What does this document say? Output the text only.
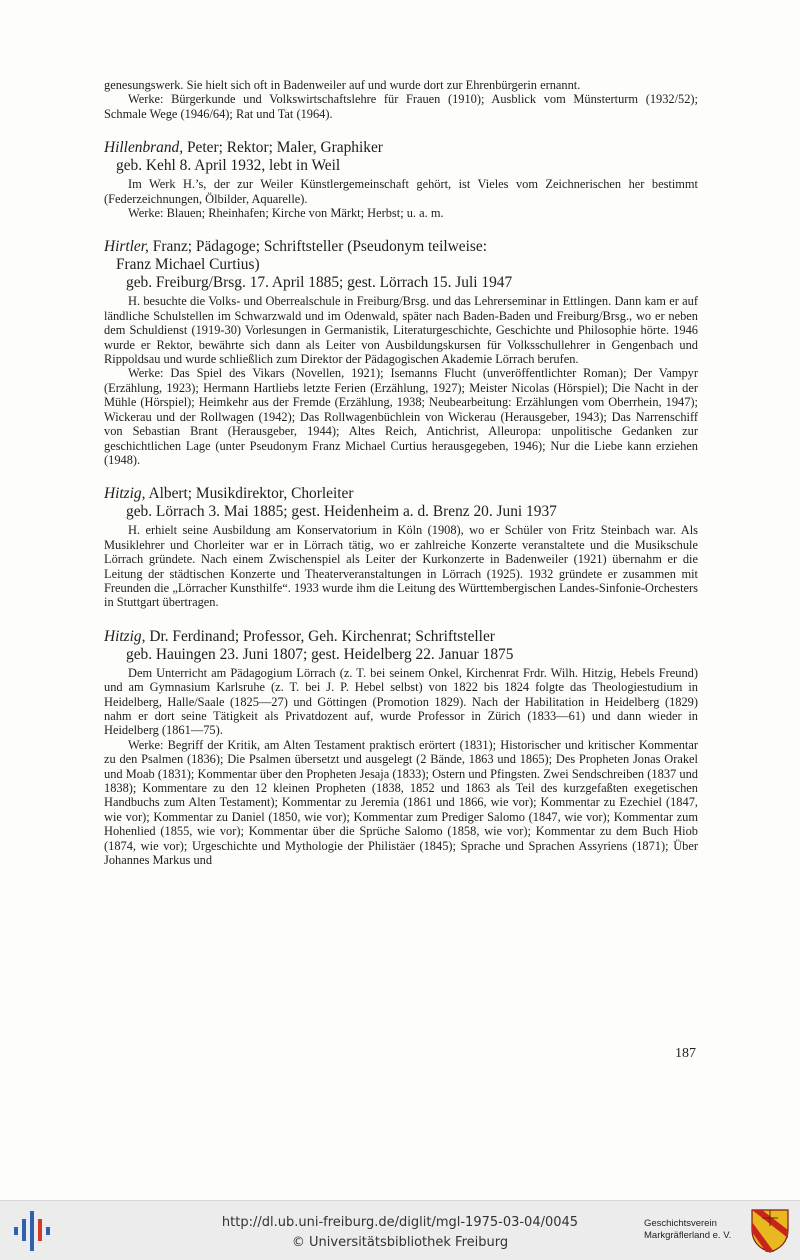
genesungswerk. Sie hielt sich oft in Badenweiler auf und wurde dort zur Ehrenbürgerin ernannt.

Werke: Bürgerkunde und Volkswirtschaftslehre für Frauen (1910); Ausblick vom Münsterturm (1932/52); Schmale Wege (1946/64); Rat und Tat (1964).

Hillenbrand, Peter; Rektor; Maler, Graphiker
geb. Kehl 8. April 1932, lebt in Weil

Im Werk H.’s, der zur Weiler Künstlergemeinschaft gehört, ist Vieles vom Zeichnerischen her bestimmt (Federzeichnungen, Ölbilder, Aquarelle).

Werke: Blauen; Rheinhafen; Kirche von Märkt; Herbst; u. a. m.

Hirtler, Franz; Pädagoge; Schriftsteller (Pseudonym teilweise:
Franz Michael Curtius)
geb. Freiburg/Brsg. 17. April 1885; gest. Lörrach 15. Juli 1947

H. besuchte die Volks- und Oberrealschule in Freiburg/Brsg. und das Lehrerseminar in Ettlingen. Dann kam er auf ländliche Schulstellen im Schwarzwald und im Odenwald, später nach Baden-Baden und Freiburg/Brsg., wo er neben dem Schuldienst (1919-30) Vorlesungen in Germanistik, Literaturgeschichte, Geschichte und Philosophie hörte. 1946 wurde er Rektor, bewährte sich dann als Leiter von Ausbildungskursen für Volksschullehrer in Gengenbach und Rippoldsau und wurde schließlich zum Direktor der Pädagogischen Akademie Lörrach berufen.

Werke: Das Spiel des Vikars (Novellen, 1921); Isemanns Flucht (unveröffentlichter Roman); Der Vampyr (Erzählung, 1923); Hermann Hartliebs letzte Ferien (Erzählung, 1927); Meister Nicolas (Hörspiel); Die Nacht in der Mühle (Hörspiel); Heimkehr aus der Fremde (Erzählung, 1938; Neubearbeitung: Erzählungen vom Oberrhein, 1947); Wickerau und der Rollwagen (1942); Das Rollwagenbüchlein von Wickerau (Herausgeber, 1943); Das Narrenschiff von Sebastian Brant (Herausgeber, 1944); Altes Reich, Antichrist, Alleuropa: unpolitische Gedanken zur geschichtlichen Lage (unter Pseudonym Franz Michael Curtius herausgegeben, 1946); Nur die Liebe kann erziehen (1948).

Hitzig, Albert; Musikdirektor, Chorleiter
geb. Lörrach 3. Mai 1885; gest. Heidenheim a. d. Brenz 20. Juni 1937

H. erhielt seine Ausbildung am Konservatorium in Köln (1908), wo er Schüler von Fritz Steinbach war. Als Musiklehrer und Chorleiter war er in Lörrach tätig, wo er zahlreiche Konzerte veranstaltete und die Musikschule Lörrach gründete. Nach einem Zwischenspiel als Leiter der Kurkonzerte in Badenweiler (1921) übernahm er die Leitung der städtischen Konzerte und Theaterveranstaltungen in Lörrach (1925). 1932 gründete er zusammen mit Freunden die „Lörracher Kunsthilfe“. 1933 wurde ihm die Leitung des Württembergischen Landes-Sinfonie-Orchesters in Stuttgart übertragen.

Hitzig, Dr. Ferdinand; Professor, Geh. Kirchenrat; Schriftsteller
geb. Hauingen 23. Juni 1807; gest. Heidelberg 22. Januar 1875

Dem Unterricht am Pädagogium Lörrach (z. T. bei seinem Onkel, Kirchenrat Frdr. Wilh. Hitzig, Hebels Freund) und am Gymnasium Karlsruhe (z. T. bei J. P. Hebel selbst) von 1822 bis 1824 folgte das Theologiestudium in Heidelberg, Halle/Saale (1825—27) und Göttingen (Promotion 1829). Nach der Habilitation in Heidelberg (1829) nahm er dort seine Tätigkeit als Privatdozent auf, wurde Professor in Zürich (1833—61) und dann wieder in Heidelberg (1861—75).

Werke: Begriff der Kritik, am Alten Testament praktisch erörtert (1831); Historischer und kritischer Kommentar zu den Psalmen (1836); Die Psalmen übersetzt und ausgelegt (2 Bände, 1863 und 1865); Des Propheten Jonas Orakel und Moab (1831); Kommentar über den Propheten Jesaja (1833); Ostern und Pfingsten. Zwei Sendschreiben (1837 und 1838); Kommentare zu den 12 kleinen Propheten (1838, 1852 und 1863 als Teil des kurzgefaßten exegetischen Handbuchs zum Alten Testament); Kommentar zu Jeremia (1861 und 1866, wie vor); Kommentar zu Ezechiel (1847, wie vor); Kommentar zu Daniel (1850, wie vor); Kommentar zum Prediger Salomo (1847, wie vor); Kommentar zum Hohenlied (1855, wie vor); Kommentar über die Sprüche Salomo (1858, wie vor); Kommentar zu dem Buch Hiob (1874, wie vor); Urgeschichte und Mythologie der Philistäer (1845); Sprache und Sprachen Assyriens (1871); Über Johannes Markus und

187
http://dl.ub.uni-freiburg.de/diglit/mgl-1975-03-04/0045
© Universitätsbibliothek Freiburg
Geschichtsverein
Markgräflerland e. V.
